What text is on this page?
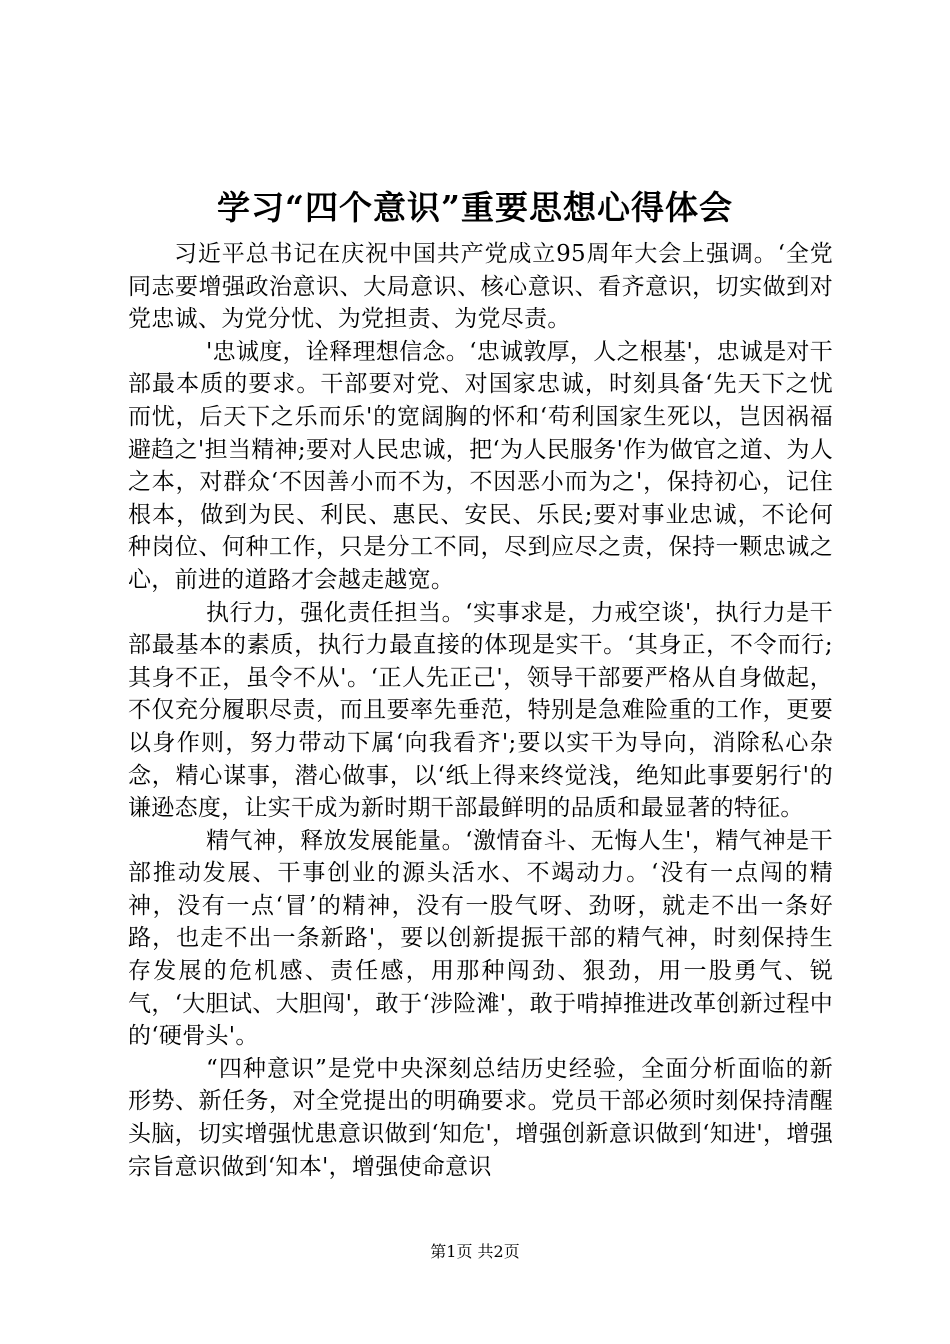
学习“四个意识”重要思想心得体会

习近平总书记在庆祝中国共产党成立95周年大会上强调。‘全党同志要增强政治意识、大局意识、核心意识、看齐意识，切实做到对党忠诚、为党分忧、为党担责、为党尽责。

'忠诚度，诠释理想信念。‘忠诚敦厚，人之根基'，忠诚是对干部最本质的要求。干部要对党、对国家忠诚，时刻具备‘先天下之忧而忧，后天下之乐而乐'的宽阔胸的怀和‘苟利国家生死以，岂因祸福避趋之'担当精神;要对人民忠诚，把‘为人民服务'作为做官之道、为人之本，对群众‘不因善小而不为，不因恶小而为之'，保持初心，记住根本，做到为民、利民、惠民、安民、乐民;要对事业忠诚，不论何种岗位、何种工作，只是分工不同，尽到应尽之责，保持一颗忠诚之心，前进的道路才会越走越宽。

执行力，强化责任担当。‘实事求是，力戒空谈'，执行力是干部最基本的素质，执行力最直接的体现是实干。‘其身正，不令而行;其身不正，虽令不从'。‘正人先正己'，领导干部要严格从自身做起，不仅充分履职尽责，而且要率先垂范，特别是急难险重的工作，更要以身作则，努力带动下属‘向我看齐';要以实干为导向，消除私心杂念，精心谋事，潜心做事，以‘纸上得来终觉浅，绝知此事要躬行'的谦逊态度，让实干成为新时期干部最鲜明的品质和最显著的特征。

精气神，释放发展能量。‘激情奋斗、无悔人生'，精气神是干部推动发展、干事创业的源头活水、不竭动力。‘没有一点闯的精神，没有一点‘冒’的精神，没有一股气呀、劲呀，就走不出一条好路，也走不出一条新路'，要以创新提振干部的精气神，时刻保持生存发展的危机感、责任感，用那种闯劲、狠劲，用一股勇气、锐气，‘大胆试、大胆闯'，敢于‘涉险滩'，敢于啃掉推进改革创新过程中的‘硬骨头'。

“四种意识”是党中央深刻总结历史经验，全面分析面临的新形势、新任务，对全党提出的明确要求。党员干部必须时刻保持清醒头脑，切实增强忧患意识做到‘知危'，增强创新意识做到‘知进'，增强宗旨意识做到‘知本'，增强使命意识

第1页 共2页
